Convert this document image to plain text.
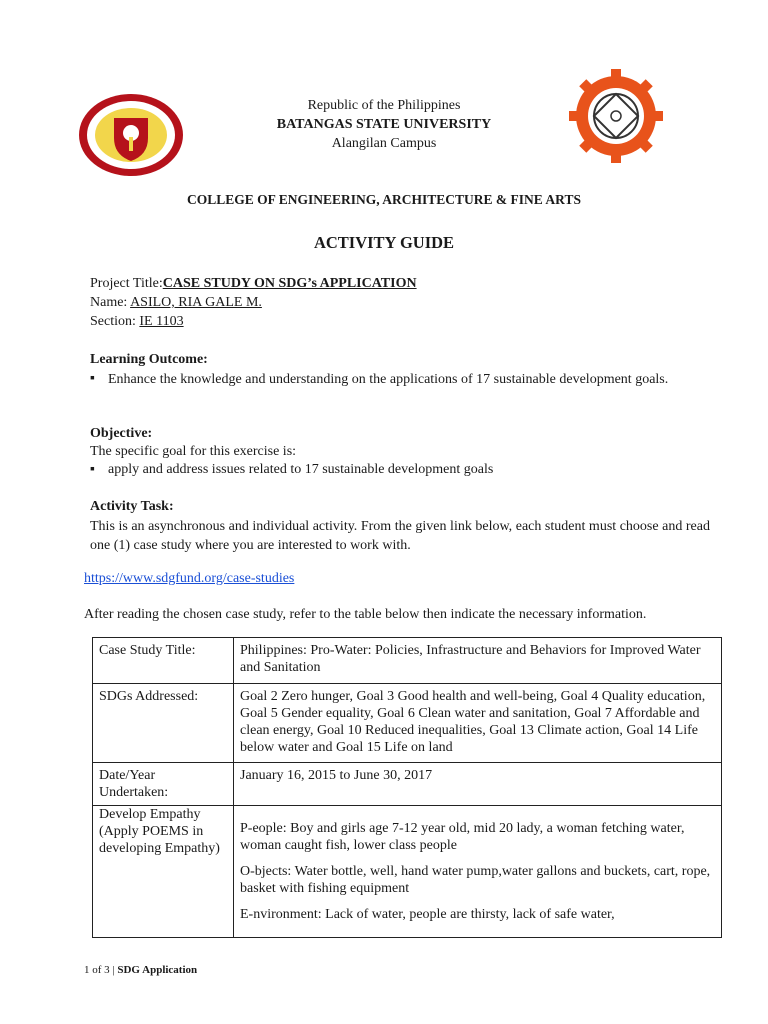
Republic of the Philippines
BATANGAS STATE UNIVERSITY
Alangilan Campus
COLLEGE OF ENGINEERING, ARCHITECTURE & FINE ARTS
ACTIVITY GUIDE
Project Title:CASE STUDY ON SDG’s APPLICATION
Name: ASILO, RIA GALE M.
Section: IE 1103
Learning Outcome:
▪ Enhance the knowledge and understanding on the applications of 17 sustainable development goals.
Objective:
The specific goal for this exercise is:
▪ apply and address issues related to 17 sustainable development goals
Activity Task:
This is an asynchronous and individual activity. From the given link below, each student must choose and read one (1) case study where you are interested to work with.
https://www.sdgfund.org/case-studies
After reading the chosen case study, refer to the table below then indicate the necessary information.
Case Study Title:	Philippines: Pro-Water: Policies, Infrastructure and Behaviors for Improved Water and Sanitation
SDGs Addressed:	Goal 2 Zero hunger, Goal 3 Good health and well-being, Goal 4 Quality education, Goal 5 Gender equality, Goal 6 Clean water and sanitation, Goal 7 Affordable and clean energy, Goal 10 Reduced inequalities, Goal 13 Climate action, Goal 14 Life below water and Goal 15 Life on land
Date/Year Undertaken:	January 16, 2015 to June 30, 2017
Develop Empathy (Apply POEMS in developing Empathy)	P-eople: Boy and girls age 7-12 year old, mid 20 lady, a woman fetching water, woman caught fish, lower class people

O-bjects: Water bottle, well, hand water pump,water gallons and buckets, cart, rope, basket with fishing equipment

E-nvironment: Lack of water, people are thirsty, lack of safe water,

1 of 3 | SDG Application
